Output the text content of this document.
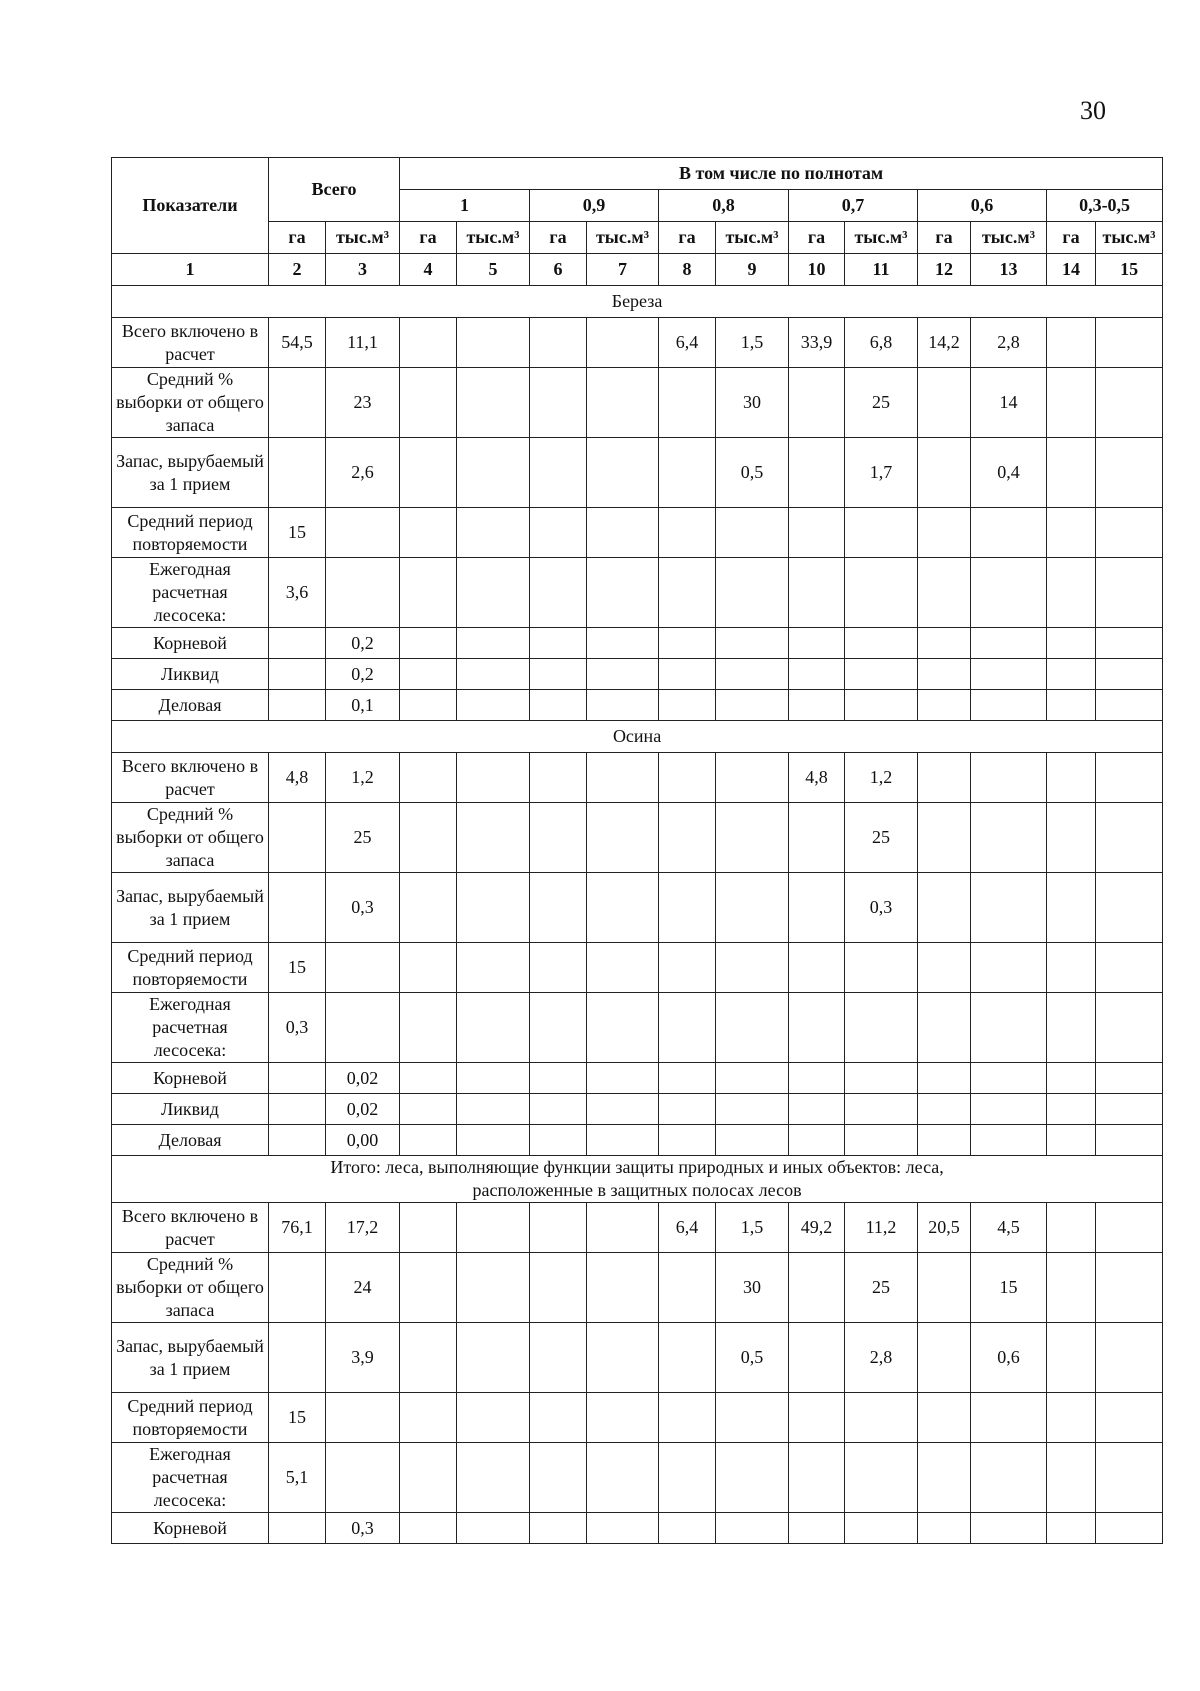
30
Показатели	Всего		В том числе по полнотам											
			1		0,9		0,8		0,7		0,6		0,3-0,5	
	га	тыс.м³	га	тыс.м³	га	тыс.м³	га	тыс.м³	га	тыс.м³	га	тыс.м³	га	тыс.м³
1	2	3	4	5	6	7	8	9	10	11	12	13	14	15
Береза														
Всего включено в расчет	54,5	11,1					6,4	1,5	33,9	6,8	14,2	2,8		
Средний % выборки от общего запаса		23						30		25		14		
Запас, вырубаемый за 1 прием		2,6						0,5		1,7		0,4		
Средний период повторяемости	15													
Ежегодная расчетная лесосека:	3,6													
Корневой		0,2												
Ликвид		0,2												
Деловая		0,1												
Осина														
Всего включено в расчет	4,8	1,2							4,8	1,2				
Средний % выборки от общего запаса		25								25				
Запас, вырубаемый за 1 прием		0,3								0,3				
Средний период повторяемости	15													
Ежегодная расчетная лесосека:	0,3													
Корневой		0,02												
Ликвид		0,02												
Деловая		0,00												
Итого: леса, выполняющие функции защиты природных и иных объектов: леса, расположенные в защитных полосах лесов														
Всего включено в расчет	76,1	17,2					6,4	1,5	49,2	11,2	20,5	4,5		
Средний % выборки от общего запаса		24						30		25		15		
Запас, вырубаемый за 1 прием		3,9						0,5		2,8		0,6		
Средний период повторяемости	15													
Ежегодная расчетная лесосека:	5,1													
Корневой		0,3												
